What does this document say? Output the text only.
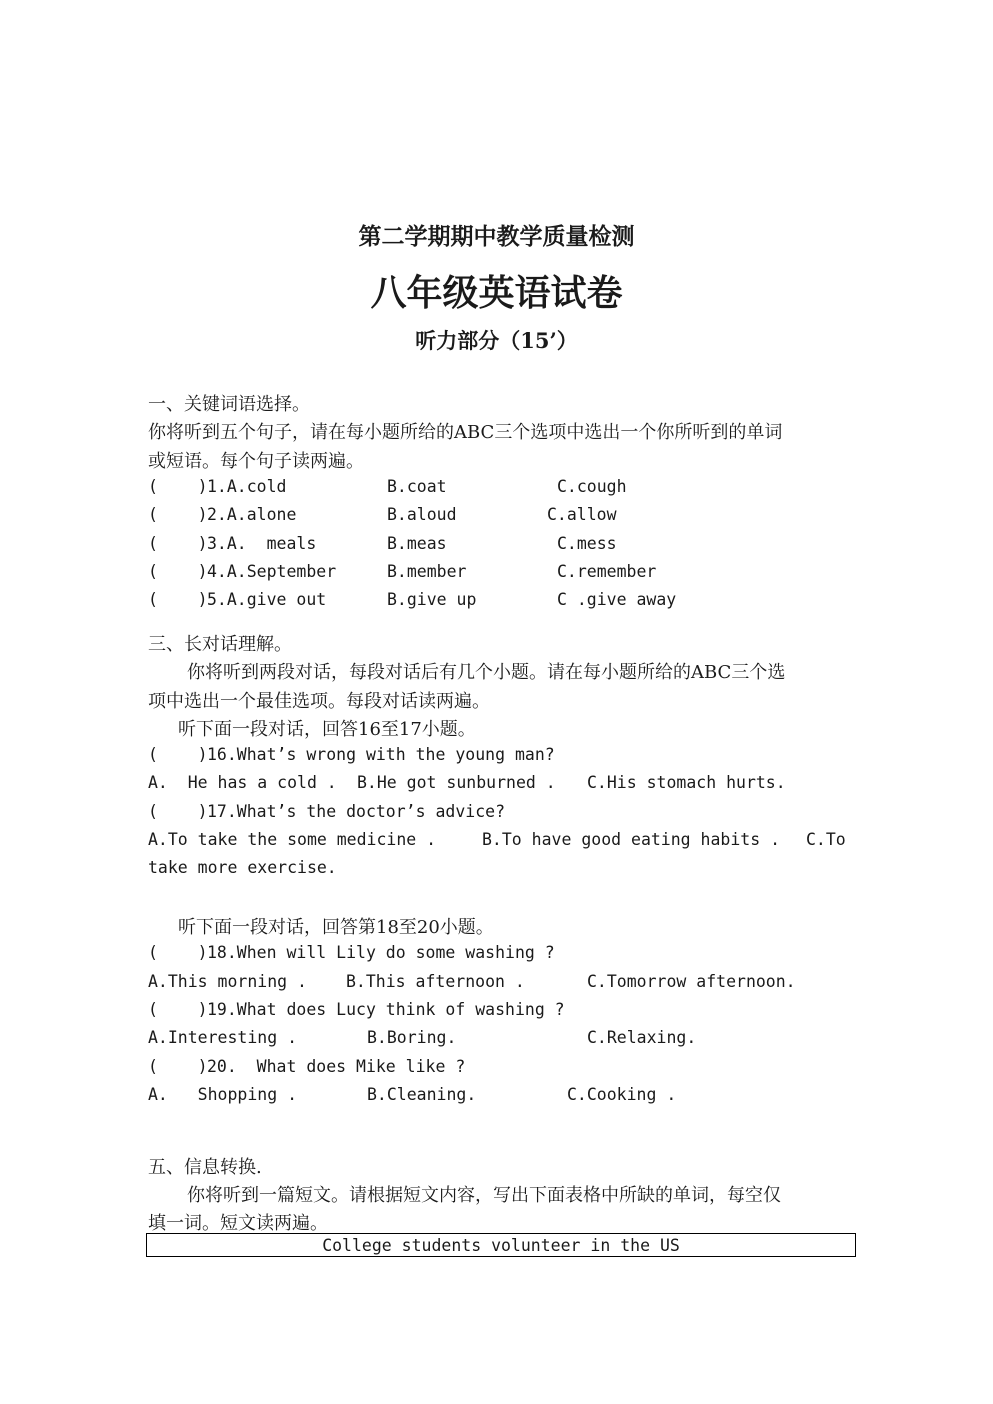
第二学期期中教学质量检测
八年级英语试卷
听力部分（15’）
一、关键词语选择。
你将听到五个句子，请在每小题所给的ABC三个选项中选出一个你所听到的单词
或短语。每个句子读两遍。
(    ) 1.A.cold	B.coat	C.cough
(    ) 2.A.alone	B.aloud	C.allow
(    ) 3.A.  meals	B.meas	C.mess
(    ) 4.A.September	B.member	C.remember
(    ) 5.A.give out	B.give up	C .give away
三、长对话理解。
你将听到两段对话，每段对话后有几个小题。请在每小题所给的ABC三个选
项中选出一个最佳选项。每段对话读两遍。
听下面一段对话，回答16至17小题。
(    ) 16.What’s wrong with the young man?
A.  He has a cold . B.He got sunburned . C.His stomach hurts.
(    ) 17.What’s the doctor’s advice?
A.To take the some medicine .	B.To have good eating habits . C.To
take more exercise.
听下面一段对话，回答第18至20小题。
(    ) 18.When will Lily do some washing ?
A.This morning . B.This afternoon .	C.Tomorrow afternoon.
(    ) 19.What does Lucy think of washing ?
A.Interesting .	B.Boring.	C.Relaxing.
(    ) 20.  What does Mike like ?
A.   Shopping .	B.Cleaning.	C.Cooking .
五、信息转换.
你将听到一篇短文。请根据短文内容，写出下面表格中所缺的单词，每空仅
填一词。短文读两遍。
College students volunteer in the US
